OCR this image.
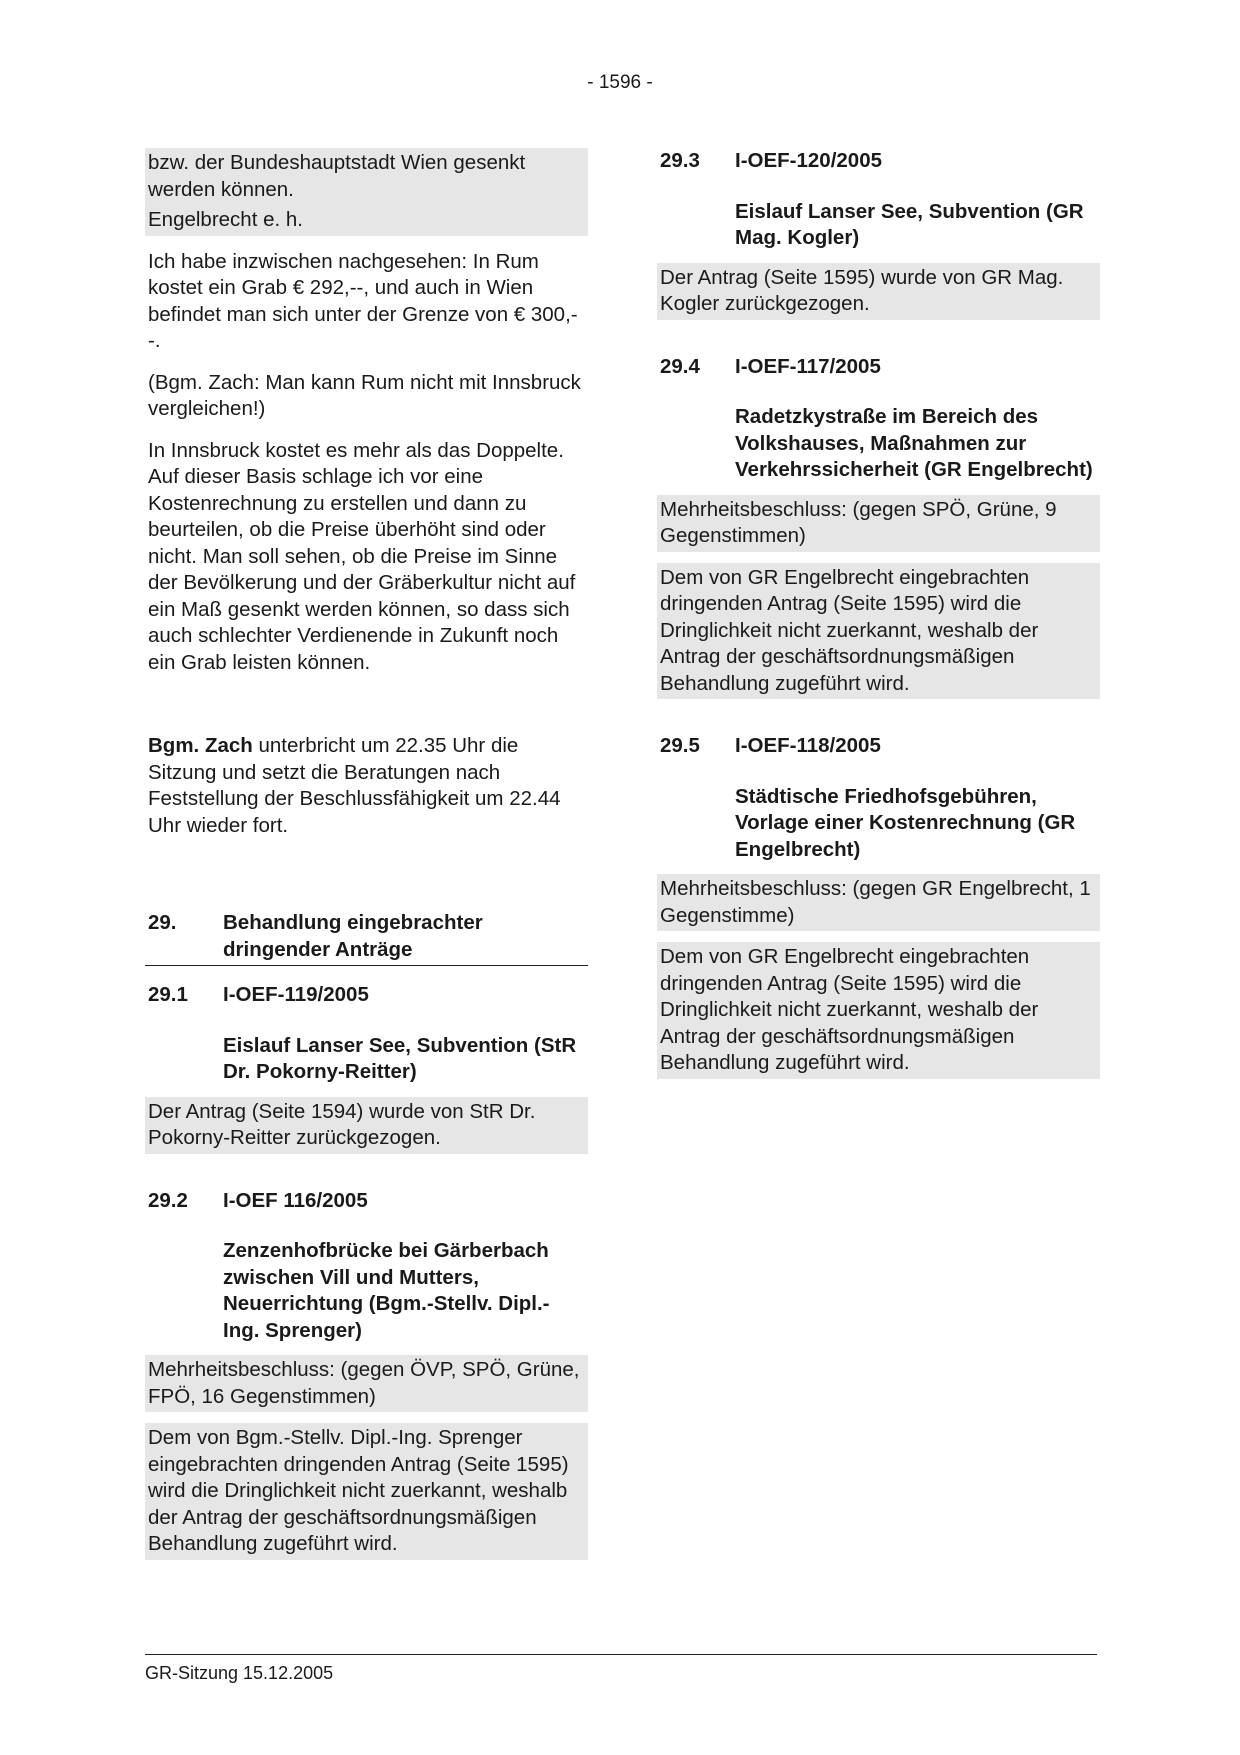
- 1596 -

bzw. der Bundeshauptstadt Wien gesenkt werden können.

Engelbrecht e. h.

Ich habe inzwischen nachgesehen: In Rum kostet ein Grab € 292,--, und auch in Wien befindet man sich unter der Grenze von € 300,--.

(Bgm. Zach: Man kann Rum nicht mit Innsbruck vergleichen!)

In Innsbruck kostet es mehr als das Doppelte. Auf dieser Basis schlage ich vor eine Kostenrechnung zu erstellen und dann zu beurteilen, ob die Preise überhöht sind oder nicht. Man soll sehen, ob die Preise im Sinne der Bevölkerung und der Gräberkultur nicht auf ein Maß gesenkt werden können, so dass sich auch schlechter Verdienende in Zukunft noch ein Grab leisten können.

Bgm. Zach unterbricht um 22.35 Uhr die Sitzung und setzt die Beratungen nach Feststellung der Beschlussfähigkeit um 22.44 Uhr wieder fort.

29.	Behandlung eingebrachter dringender Anträge
29.1	I-OEF-119/2005
Eislauf Lanser See, Subvention (StR Dr. Pokorny-Reitter)

Der Antrag (Seite 1594) wurde von StR Dr. Pokorny-Reitter zurückgezogen.

29.2	I-OEF 116/2005
Zenzenhofbrücke bei Gärberbach zwischen Vill und Mutters, Neuerrichtung (Bgm.-Stellv. Dipl.-Ing. Sprenger)

Mehrheitsbeschluss: (gegen ÖVP, SPÖ, Grüne, FPÖ, 16 Gegenstimmen)

Dem von Bgm.-Stellv. Dipl.-Ing. Sprenger eingebrachten dringenden Antrag (Seite 1595) wird die Dringlichkeit nicht zuerkannt, weshalb der Antrag der geschäftsordnungsmäßigen Behandlung zugeführt wird.

29.3	I-OEF-120/2005
Eislauf Lanser See, Subvention (GR Mag. Kogler)

Der Antrag (Seite 1595) wurde von GR Mag. Kogler zurückgezogen.

29.4	I-OEF-117/2005
Radetzkystraße im Bereich des Volkshauses, Maßnahmen zur Verkehrssicherheit (GR Engelbrecht)

Mehrheitsbeschluss: (gegen SPÖ, Grüne, 9 Gegenstimmen)

Dem von GR Engelbrecht eingebrachten dringenden Antrag (Seite 1595) wird die Dringlichkeit nicht zuerkannt, weshalb der Antrag der geschäftsordnungsmäßigen Behandlung zugeführt wird.

29.5	I-OEF-118/2005
Städtische Friedhofsgebühren, Vorlage einer Kostenrechnung (GR Engelbrecht)

Mehrheitsbeschluss: (gegen GR Engelbrecht, 1 Gegenstimme)

Dem von GR Engelbrecht eingebrachten dringenden Antrag (Seite 1595) wird die Dringlichkeit nicht zuerkannt, weshalb der Antrag der geschäftsordnungsmäßigen Behandlung zugeführt wird.

GR-Sitzung 15.12.2005
